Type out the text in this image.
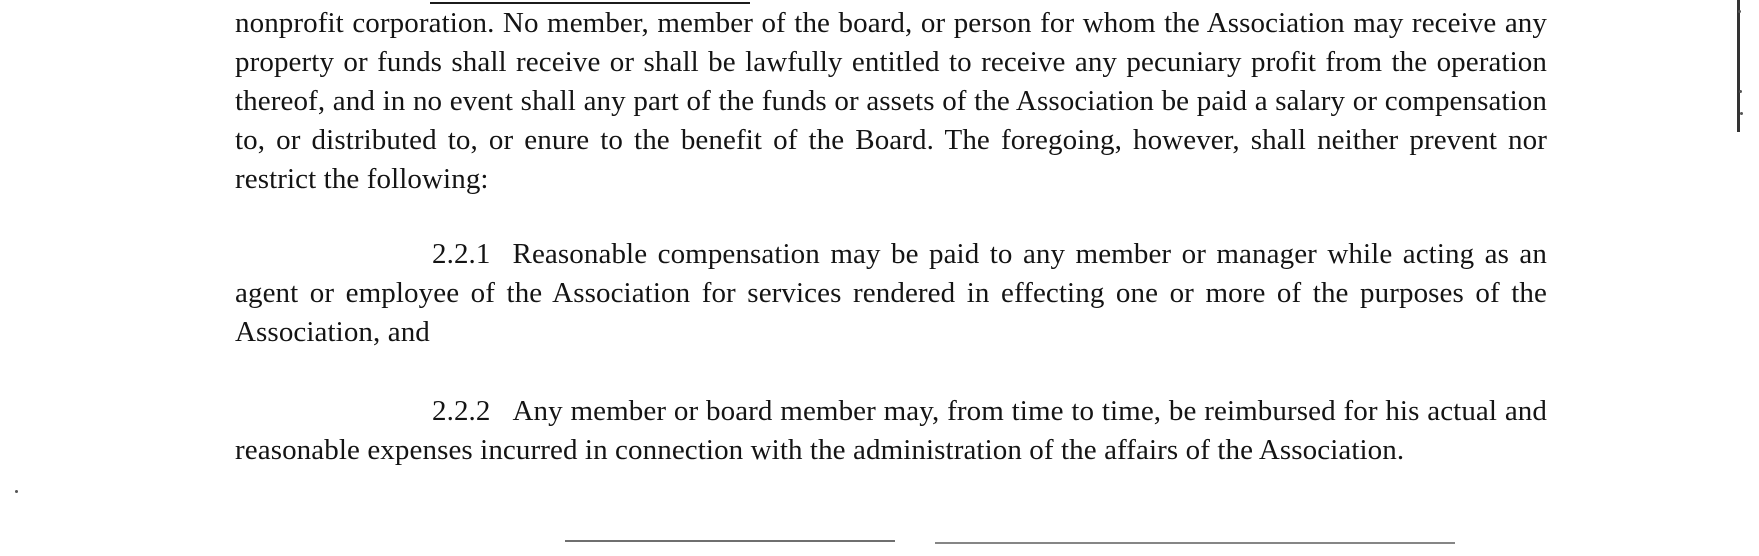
nonprofit corporation. No member, member of the board, or person for whom the Association may receive any property or funds shall receive or shall be lawfully entitled to receive any pecuniary profit from the operation thereof, and in no event shall any part of the funds or assets of the Association be paid a salary or compensation to, or distributed to, or enure to the benefit of the Board. The foregoing, however, shall neither prevent nor restrict the following:

2.2.1 Reasonable compensation may be paid to any member or manager while acting as an agent or employee of the Association for services rendered in effecting one or more of the purposes of the Association, and

2.2.2 Any member or board member may, from time to time, be reimbursed for his actual and reasonable expenses incurred in connection with the administration of the affairs of the Association.
